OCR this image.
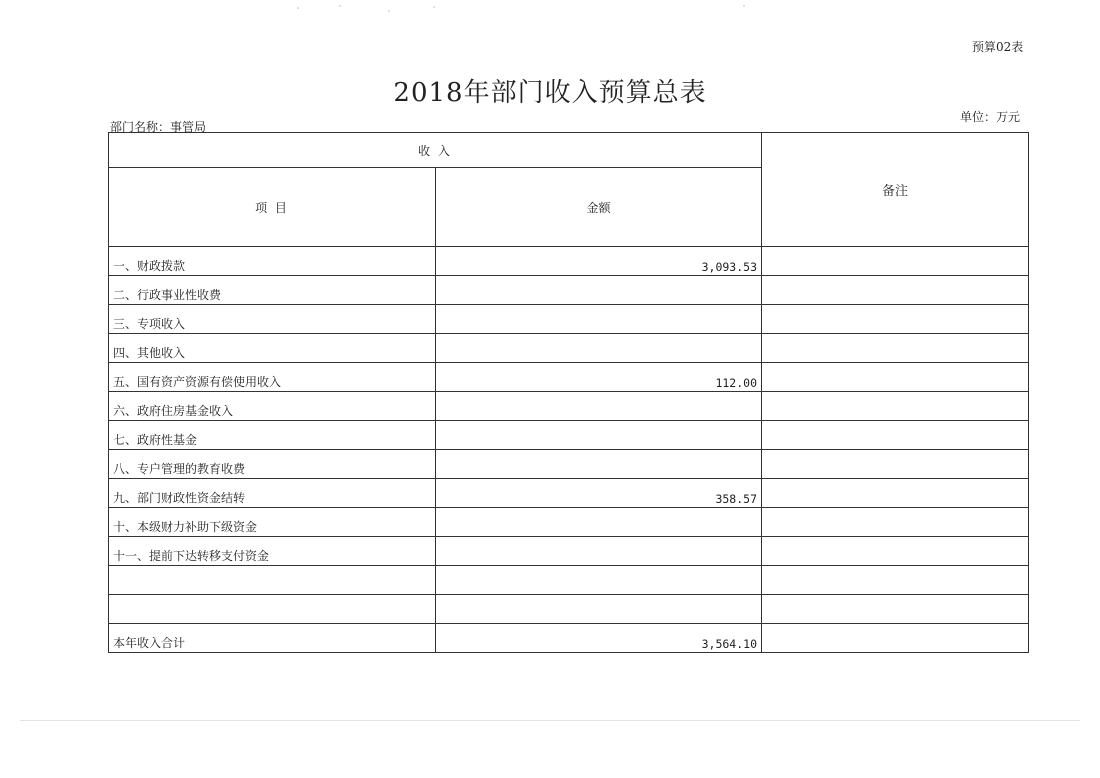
预算02表
2018年部门收入预算总表
部门名称：事管局
单位：万元
收 入		备注
项 目	金额	
一、财政拨款	3,093.53	
二、行政事业性收费		
三、专项收入		
四、其他收入		
五、国有资产资源有偿使用收入	112.00	
六、政府住房基金收入		
七、政府性基金		
八、专户管理的教育收费		
九、部门财政性资金结转	358.57	
十、本级财力补助下级资金		
十一、提前下达转移支付资金		

本年收入合计	3,564.10	
